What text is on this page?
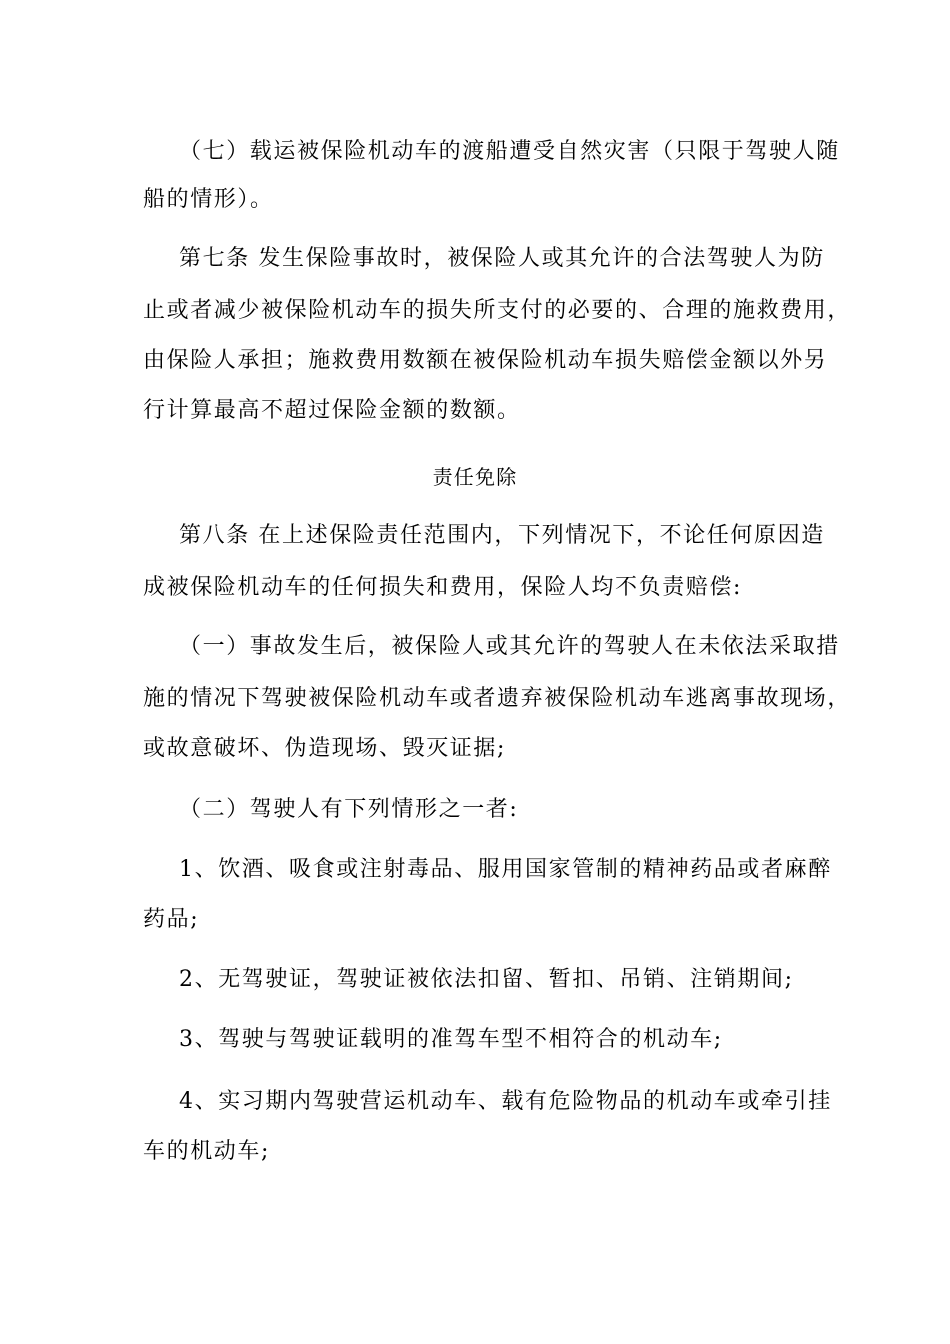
（七）载运被保险机动车的渡船遭受自然灾害（只限于驾驶人随
船的情形）。
第七条 发生保险事故时，被保险人或其允许的合法驾驶人为防
止或者减少被保险机动车的损失所支付的必要的、合理的施救费用，
由保险人承担；施救费用数额在被保险机动车损失赔偿金额以外另
行计算最高不超过保险金额的数额。
责任免除
第八条 在上述保险责任范围内，下列情况下，不论任何原因造
成被保险机动车的任何损失和费用，保险人均不负责赔偿:
（一）事故发生后，被保险人或其允许的驾驶人在未依法采取措
施的情况下驾驶被保险机动车或者遗弃被保险机动车逃离事故现场，
或故意破坏、伪造现场、毁灭证据;
（二）驾驶人有下列情形之一者:
1、饮酒、吸食或注射毒品、服用国家管制的精神药品或者麻醉
药品;
2、无驾驶证，驾驶证被依法扣留、暂扣、吊销、注销期间;
3、驾驶与驾驶证载明的准驾车型不相符合的机动车;
4、实习期内驾驶营运机动车、载有危险物品的机动车或牵引挂
车的机动车;
